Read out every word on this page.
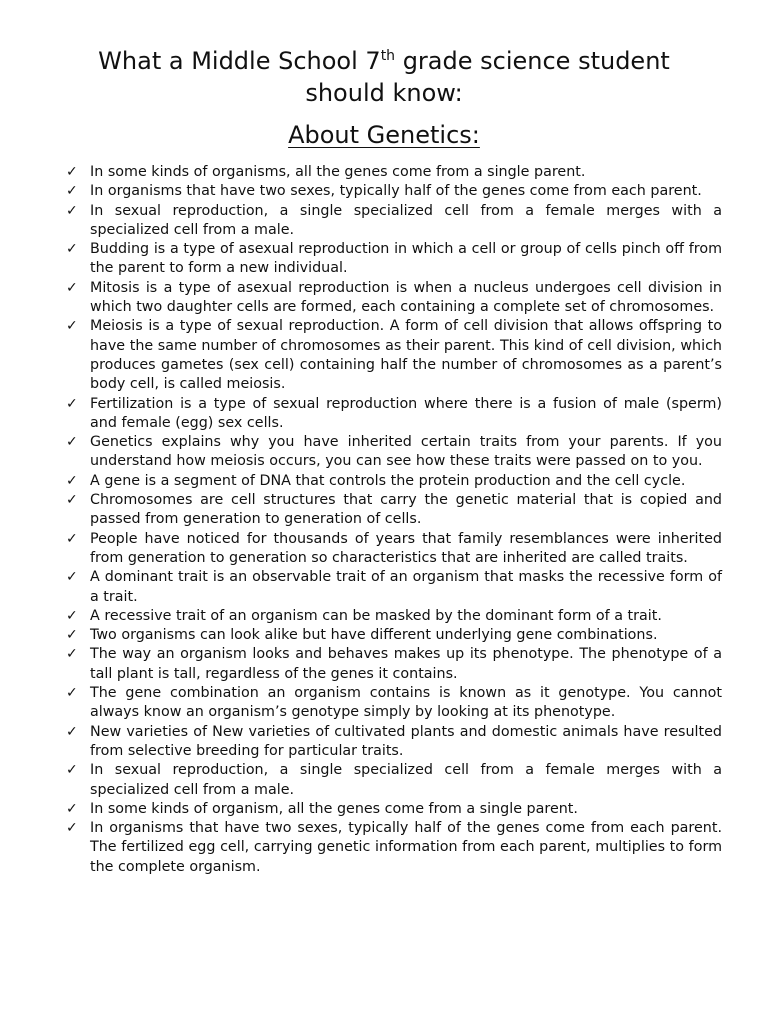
What a Middle School 7th grade science student
should know:
About Genetics:
✓ In some kinds of organisms, all the genes come from a single parent.
✓ In organisms that have two sexes, typically half of the genes come from each parent.
✓ In sexual reproduction, a single specialized cell from a female merges with a specialized cell from a male.
✓ Budding is a type of asexual reproduction in which a cell or group of cells pinch off from the parent to form a new individual.
✓ Mitosis is a type of asexual reproduction is when a nucleus undergoes cell division in which two daughter cells are formed, each containing a complete set of chromosomes.
✓ Meiosis is a type of sexual reproduction. A form of cell division that allows offspring to have the same number of chromosomes as their parent. This kind of cell division, which produces gametes (sex cell) containing half the number of chromosomes as a parent’s body cell, is called meiosis.
✓ Fertilization is a type of sexual reproduction where there is a fusion of male (sperm) and female (egg) sex cells.
✓ Genetics explains why you have inherited certain traits from your parents. If you understand how meiosis occurs, you can see how these traits were passed on to you.
✓ A gene is a segment of DNA that controls the protein production and the cell cycle.
✓ Chromosomes are cell structures that carry the genetic material that is copied and passed from generation to generation of cells.
✓ People have noticed for thousands of years that family resemblances were inherited from generation to generation so characteristics that are inherited are called traits.
✓ A dominant trait is an observable trait of an organism that masks the recessive form of a trait.
✓ A recessive trait of an organism can be masked by the dominant form of a trait.
✓ Two organisms can look alike but have different underlying gene combinations.
✓ The way an organism looks and behaves makes up its phenotype. The phenotype of a tall plant is tall, regardless of the genes it contains.
✓ The gene combination an organism contains is known as it genotype. You cannot always know an organism’s genotype simply by looking at its phenotype.
✓ New varieties of New varieties of cultivated plants and domestic animals have resulted from selective breeding for particular traits.
✓ In sexual reproduction, a single specialized cell from a female merges with a specialized cell from a male.
✓ In some kinds of organism, all the genes come from a single parent.
✓ In organisms that have two sexes, typically half of the genes come from each parent. The fertilized egg cell, carrying genetic information from each parent, multiplies to form the complete organism.
